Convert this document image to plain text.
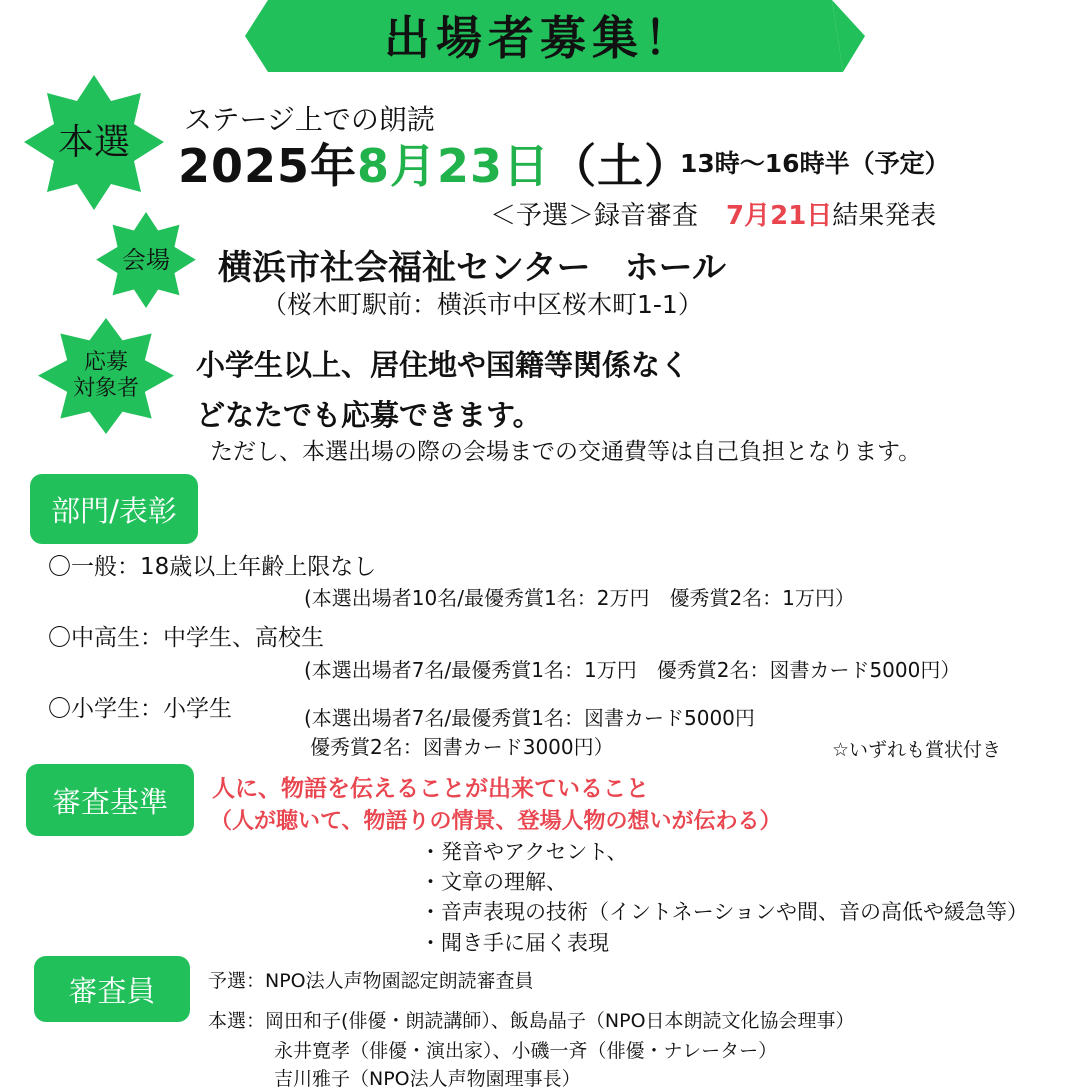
出場者募集！
本選
ステージ上での朗読
2025年8月23日（土）
13時～16時半（予定）
＜予選＞録音審査 7月21日結果発表
会場	横浜市社会福祉センター　ホール
（桜木町駅前：横浜市中区桜木町1-1）
応募
対象者
小学生以上、居住地や国籍等関係なく
どなたでも応募できます。
ただし、本選出場の際の会場までの交通費等は自己負担となります。
部門/表彰
〇一般：18歳以上年齢上限なし
(本選出場者10名/最優秀賞1名：2万円　優秀賞2名：1万円）
〇中高生：中学生、高校生
(本選出場者7名/最優秀賞1名：1万円　優秀賞2名：図書カード5000円）
〇小学生：小学生	(本選出場者7名/最優秀賞1名：図書カード5000円
優秀賞2名：図書カード3000円）	☆いずれも賞状付き
審査基準	人に、物語を伝えることが出来ていること
（人が聴いて、物語りの情景、登場人物の想いが伝わる）
・発音やアクセント、
・文章の理解、
・音声表現の技術（イントネーションや間、音の高低や緩急等）
・聞き手に届く表現
審査員	予選：NPO法人声物園認定朗読審査員
本選：岡田和子(俳優・朗読講師）、飯島晶子（NPO日本朗読文化協会理事）
永井寛孝（俳優・演出家）、小磯一斉（俳優・ナレーター）
吉川雅子（NPO法人声物園理事長）
